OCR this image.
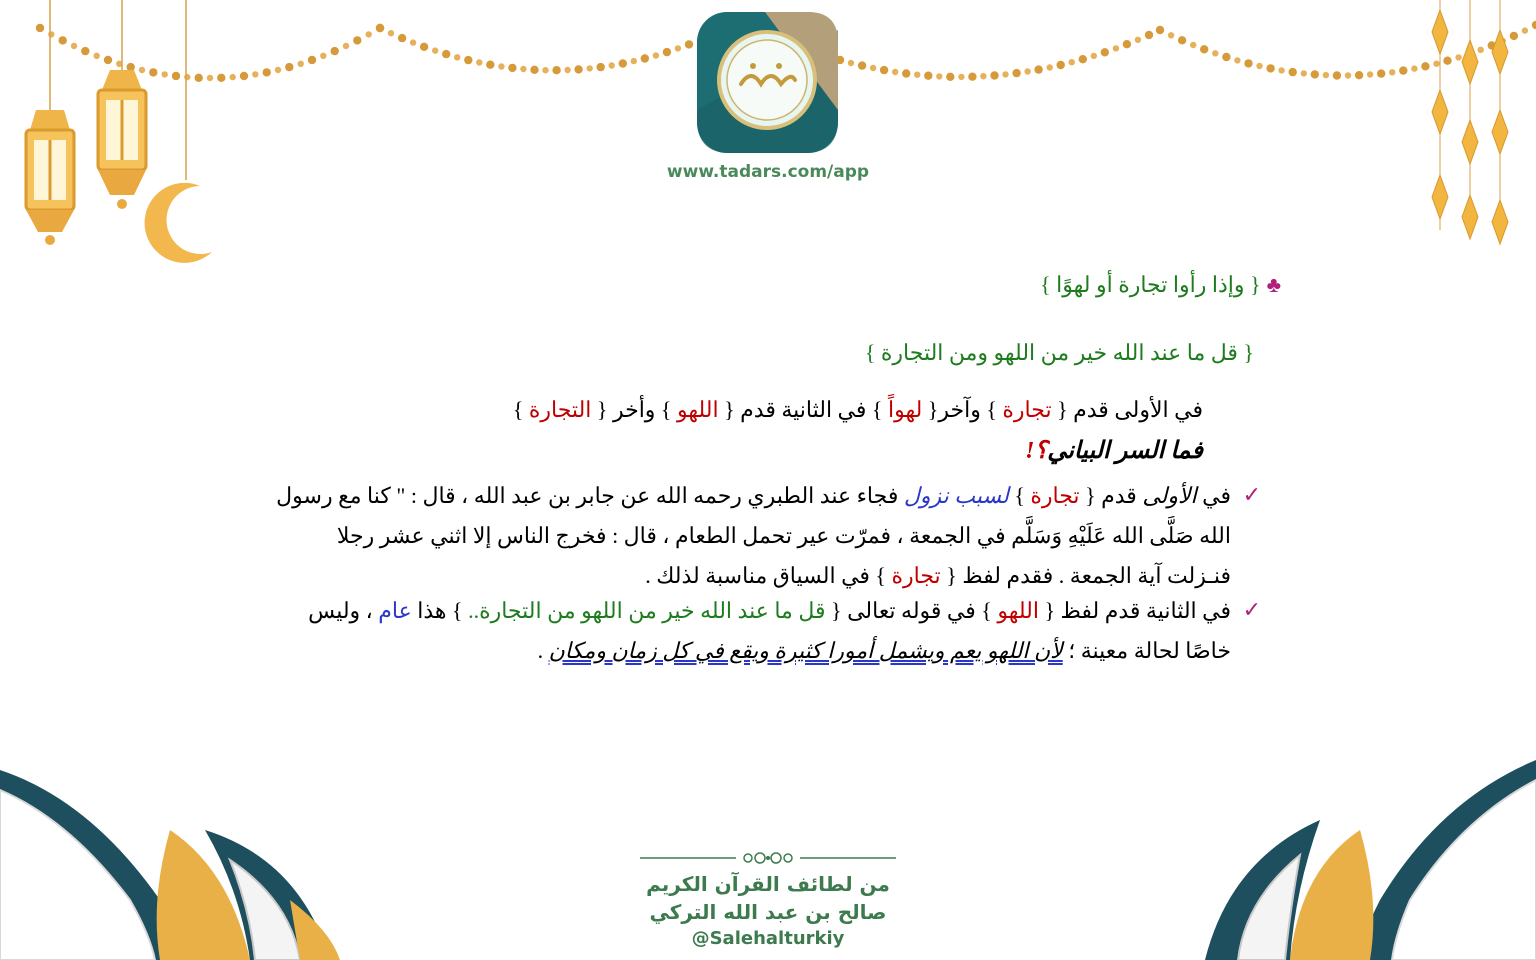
www.tadars.com/app
♣{ وإذا رأوا تجارة أو لهوًا }
{ قل ما عند الله خير من اللهو ومن التجارة }
في الأولى قدم { تجارة } وآخر{ لهواً } في الثانية قدم { اللهو } وأخر { التجارة }
فما السر البياني؟!
✓
في الأولى قدم { تجارة } لسبب نزول فجاء عند الطبري رحمه الله عن جابر بن عبد الله ، قال : " كنا مع رسول الله صَلَّى الله عَلَيْهِ وَسَلَّم في الجمعة ، فمرّت عير تحمل الطعام ، قال : فخرج الناس إلا اثني عشر رجلا فنـزلت آية الجمعة . فقدم لفظ { تجارة } في السياق مناسبة لذلك .
✓
في الثانية قدم لفظ { اللهو } في قوله تعالى { قل ما عند الله خير من اللهو من التجارة.. } هذا عام ، وليس خاصًا لحالة معينة ؛ لأن اللهو يعم ويشمل أمورا كثيرة ويقع في كل زمان ومكان .
من لطائف القرآن الكريم
صالح بن عبد الله التركي
@Salehalturkiy
